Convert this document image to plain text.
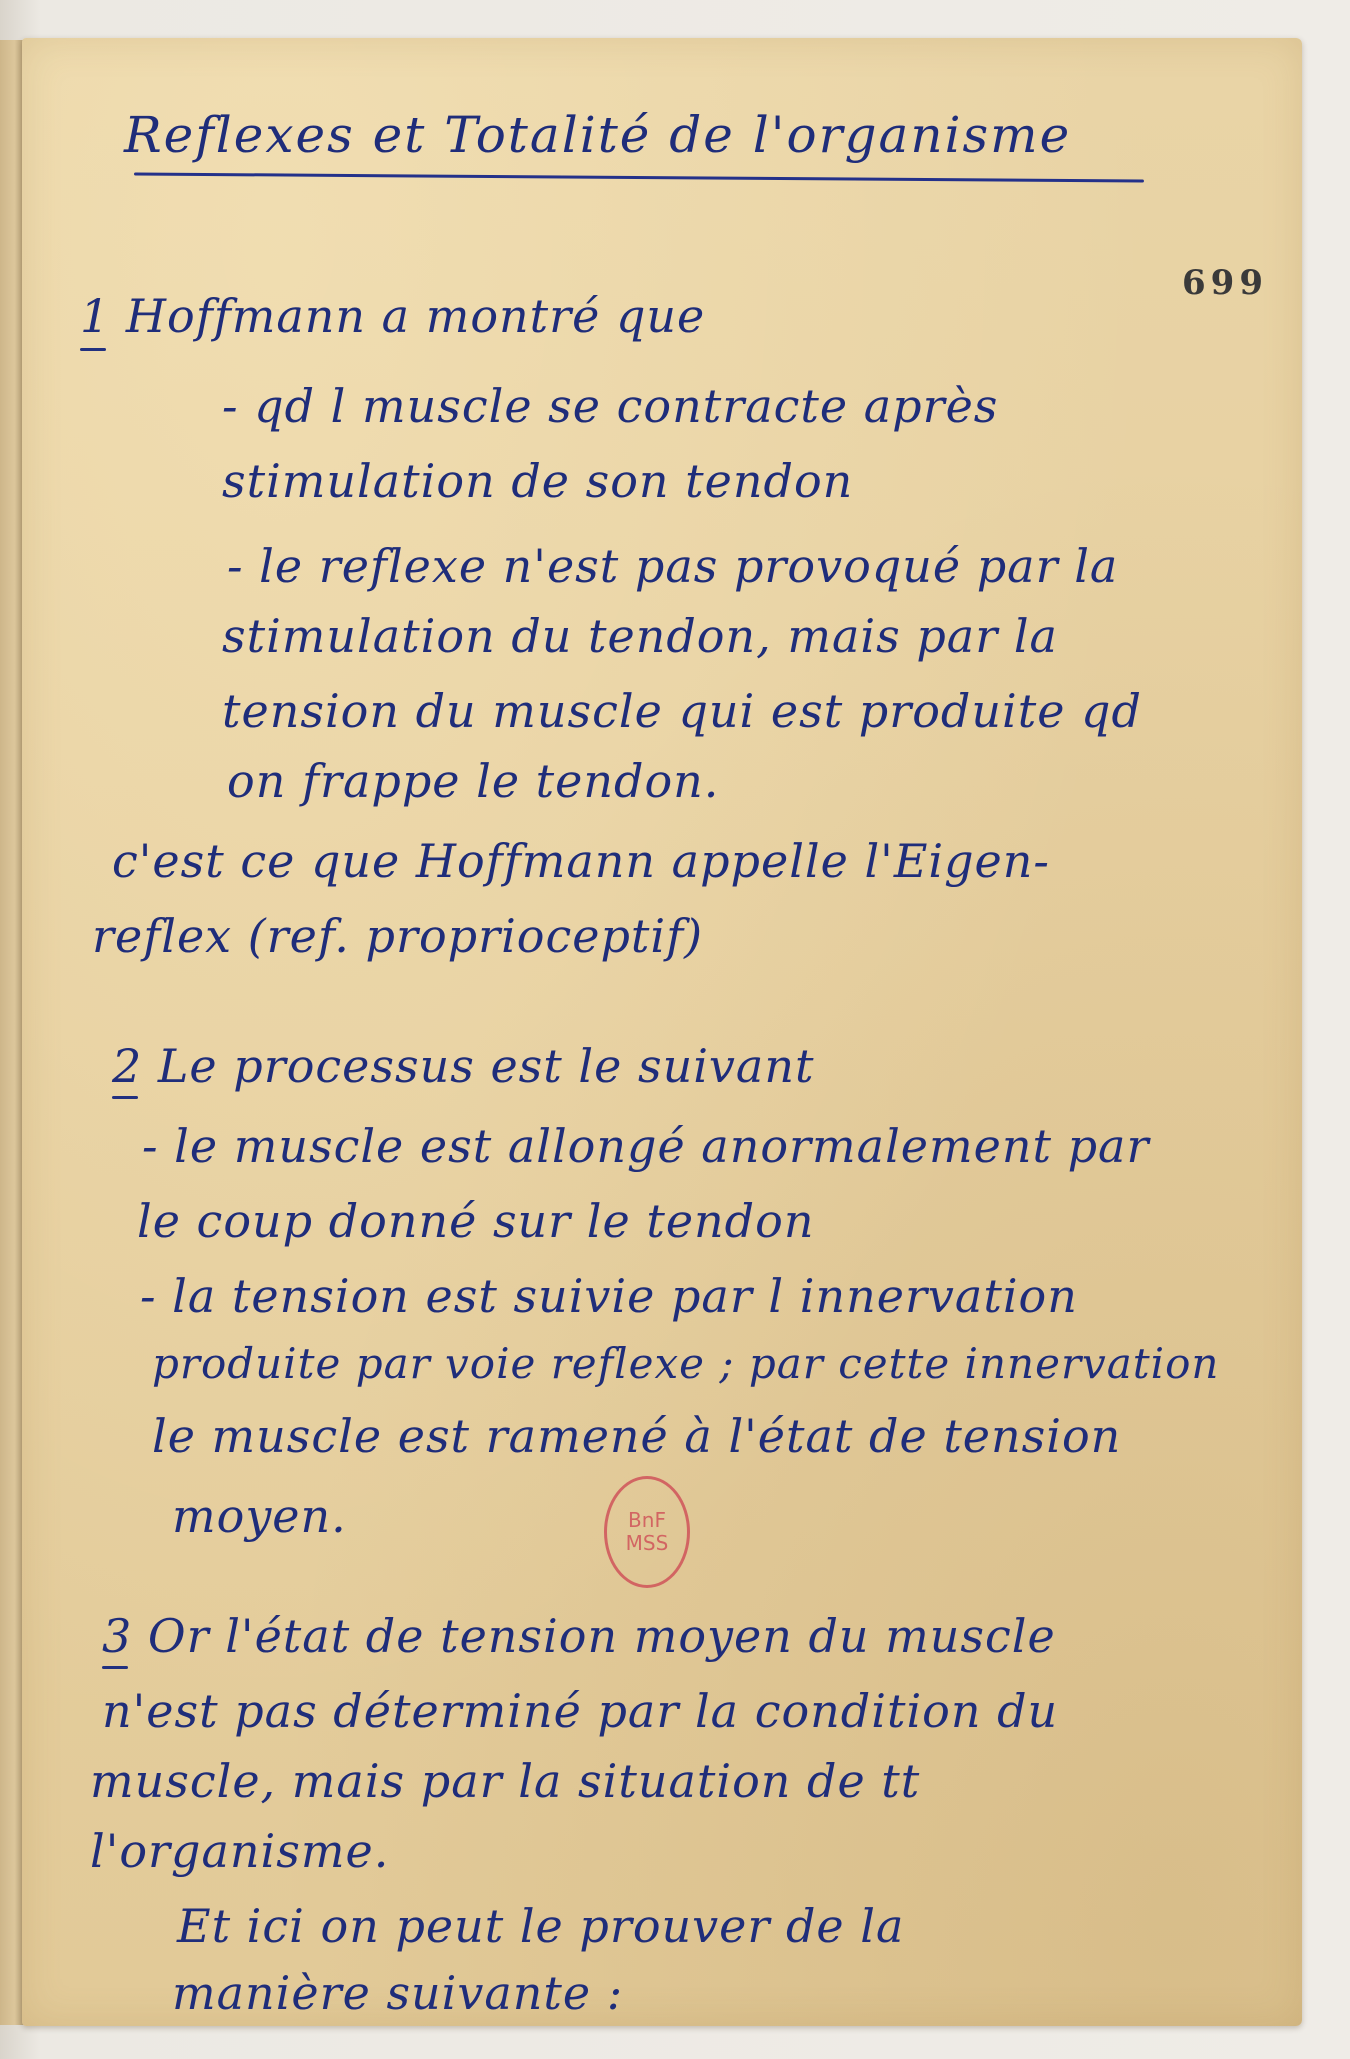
699
Reflexes et Totalité de l'organisme
1 Hoffmann a montré que
- qd l muscle se contracte après
stimulation de son tendon
- le reflexe n'est pas provoqué par la
stimulation du tendon, mais par la
tension du muscle qui est produite qd
on frappe le tendon.
c'est ce que Hoffmann appelle l'Eigen-
reflex (ref. proprioceptif)
2 Le processus est le suivant
- le muscle est allongé anormalement par
le coup donné sur le tendon
- la tension est suivie par l innervation
produite par voie reflexe ; par cette innervation
le muscle est ramené à l'état de tension
moyen.
3 Or l'état de tension moyen du muscle
n'est pas déterminé par la condition du
muscle, mais par la situation de tt
l'organisme.
Et ici on peut le prouver de la
manière suivante :
BnF
MSS
